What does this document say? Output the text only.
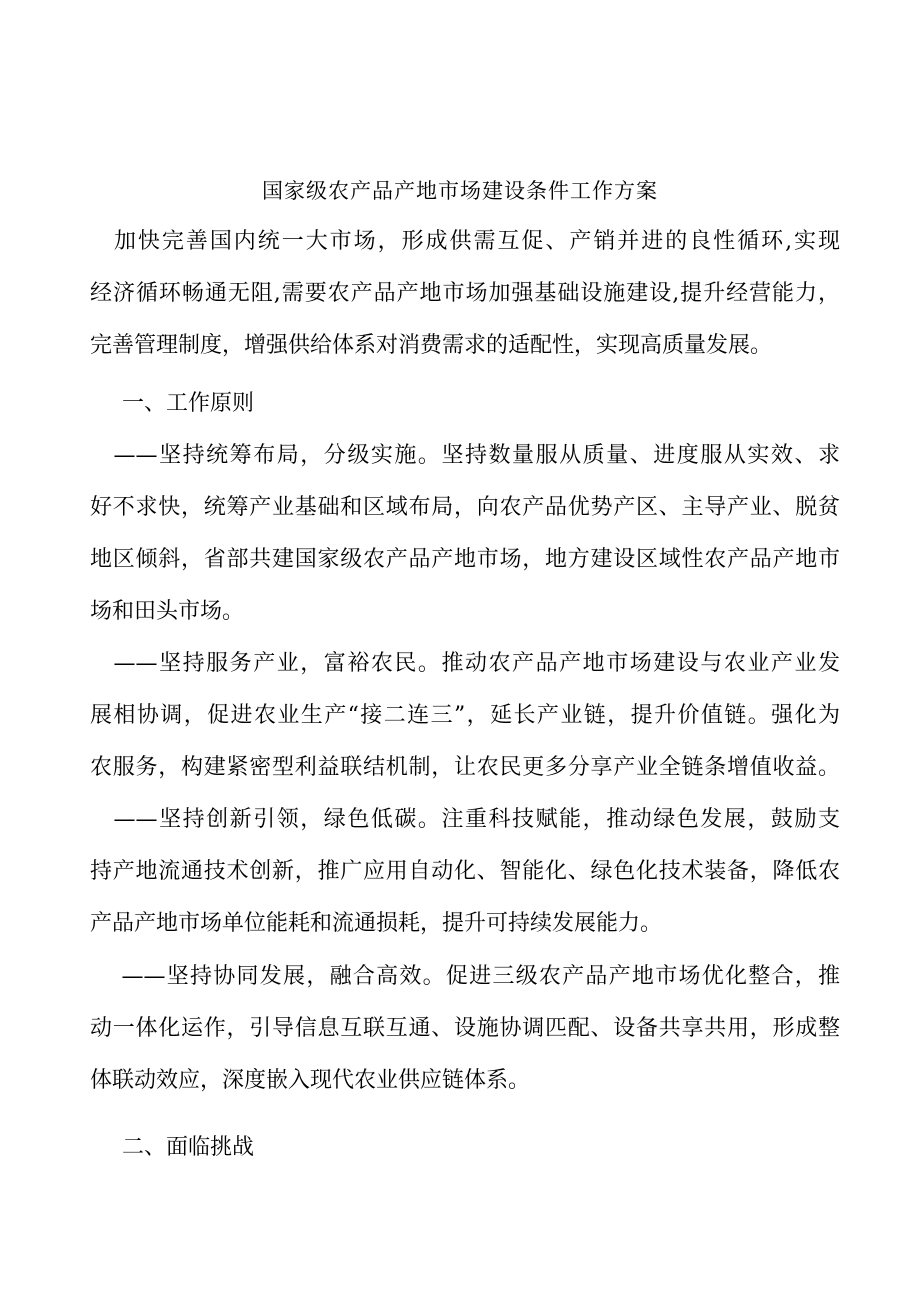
国家级农产品产地市场建设条件工作方案
　加快完善国内统一大市场，形成供需互促、产销并进的良性循环,实现
经济循环畅通无阻,需要农产品产地市场加强基础设施建设,提升经营能力，
完善管理制度，增强供给体系对消费需求的适配性，实现高质量发展。
一、工作原则
　——坚持统筹布局，分级实施。坚持数量服从质量、进度服从实效、求
好不求快，统筹产业基础和区域布局，向农产品优势产区、主导产业、脱贫
地区倾斜，省部共建国家级农产品产地市场，地方建设区域性农产品产地市
场和田头市场。
　——坚持服务产业，富裕农民。推动农产品产地市场建设与农业产业发
展相协调，促进农业生产“接二连三”，延长产业链，提升价值链。强化为
农服务，构建紧密型利益联结机制，让农民更多分享产业全链条增值收益。
　——坚持创新引领，绿色低碳。注重科技赋能，推动绿色发展，鼓励支
持产地流通技术创新，推广应用自动化、智能化、绿色化技术装备，降低农
产品产地市场单位能耗和流通损耗，提升可持续发展能力。
　 ——坚持协同发展，融合高效。促进三级农产品产地市场优化整合，推
动一体化运作，引导信息互联互通、设施协调匹配、设备共享共用，形成整
体联动效应，深度嵌入现代农业供应链体系。
二、面临挑战
